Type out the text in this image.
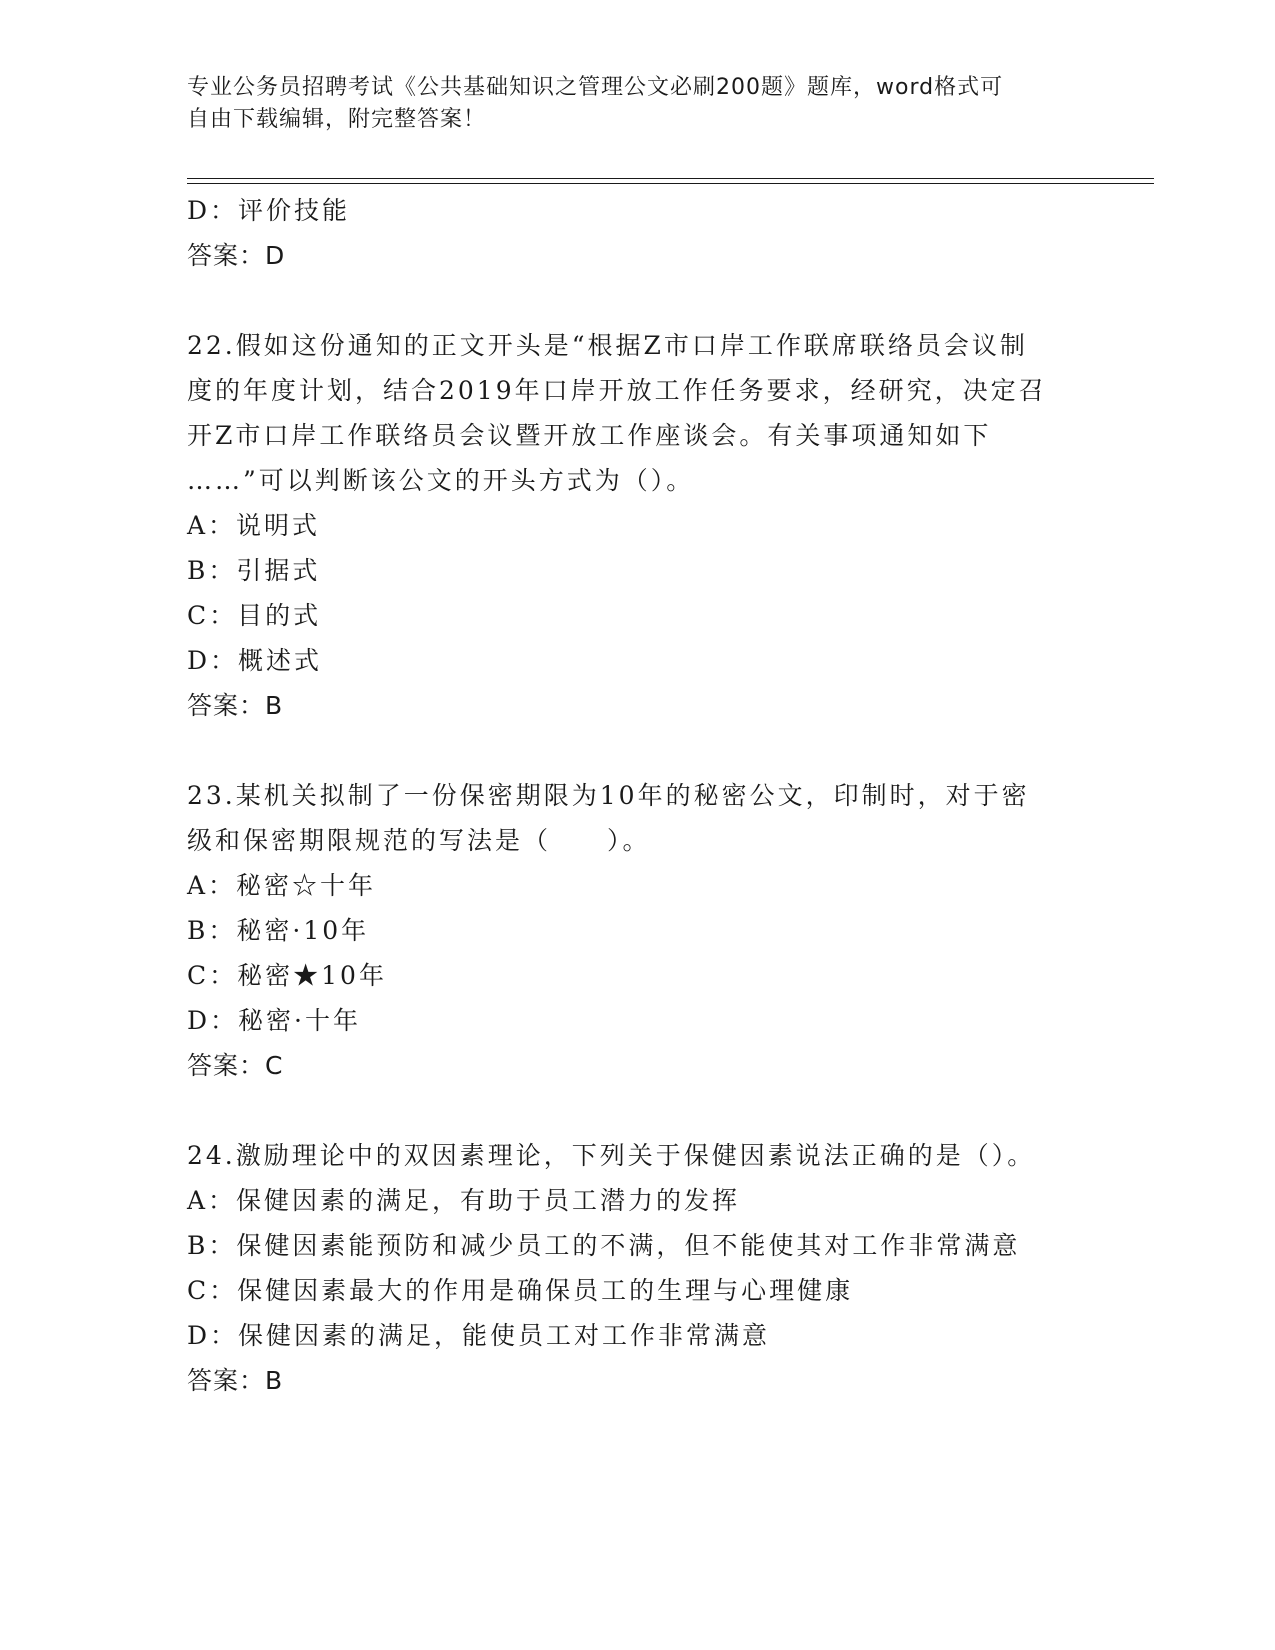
专业公务员招聘考试《公共基础知识之管理公文必刷200题》题库，word格式可
自由下载编辑，附完整答案！
D：评价技能
答案：D
22.假如这份通知的正文开头是“根据Z市口岸工作联席联络员会议制
度的年度计划，结合2019年口岸开放工作任务要求，经研究，决定召
开Z市口岸工作联络员会议暨开放工作座谈会。有关事项通知如下
……”可以判断该公文的开头方式为（）。
A：说明式
B：引据式
C：目的式
D：概述式
答案：B
23.某机关拟制了一份保密期限为10年的秘密公文，印制时，对于密
级和保密期限规范的写法是（　　）。
A：秘密☆十年
B：秘密·10年
C：秘密★10年
D：秘密·十年
答案：C
24.激励理论中的双因素理论，下列关于保健因素说法正确的是（）。
A：保健因素的满足，有助于员工潜力的发挥
B：保健因素能预防和减少员工的不满，但不能使其对工作非常满意
C：保健因素最大的作用是确保员工的生理与心理健康
D：保健因素的满足，能使员工对工作非常满意
答案：B
